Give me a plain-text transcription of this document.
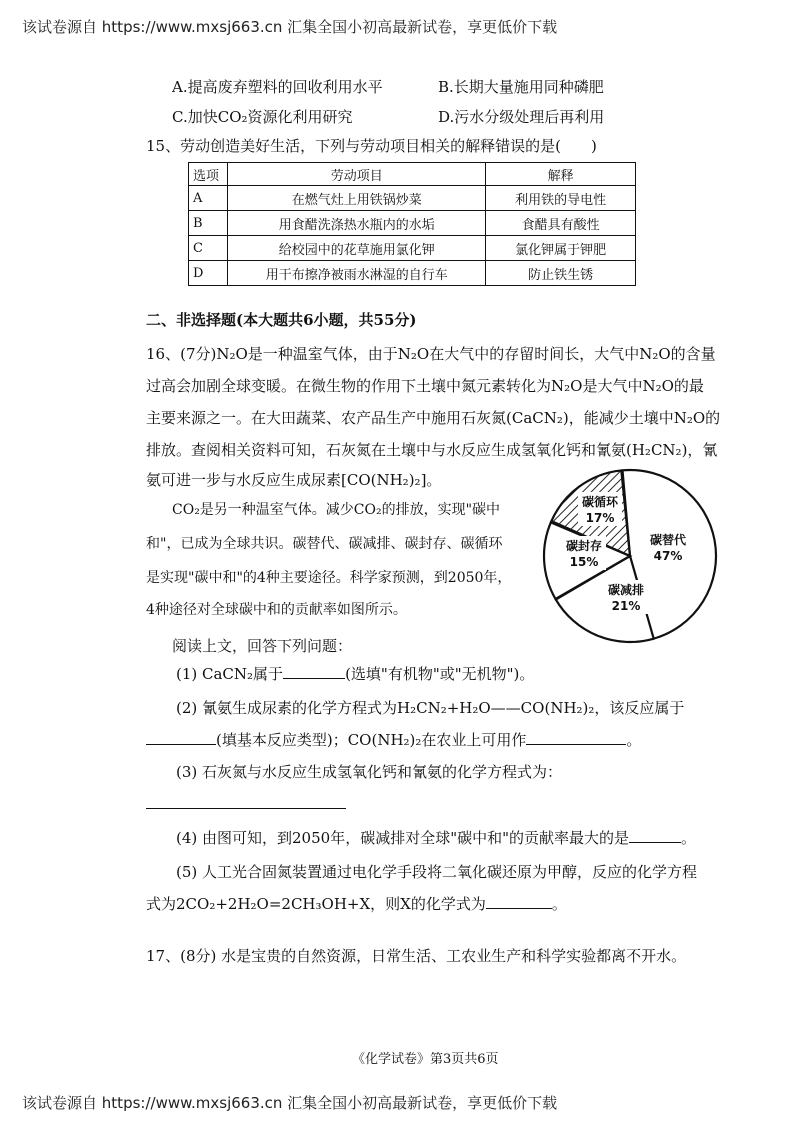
该试卷源自 https://www.mxsj663.cn 汇集全国小初高最新试卷，享更低价下载
A.提高废弃塑料的回收利用水平	B.长期大量施用同种磷肥
C.加快CO₂资源化利用研究	D.污水分级处理后再利用
15、劳动创造美好生活，下列与劳动项目相关的解释错误的是(　　)
选项	劳动项目	解释
A	在燃气灶上用铁锅炒菜	利用铁的导电性
B	用食醋洗涤热水瓶内的水垢	食醋具有酸性
C	给校园中的花草施用氯化钾	氯化钾属于钾肥
D	用干布擦净被雨水淋湿的自行车	防止铁生锈
二、非选择题(本大题共6小题，共55分)
16、(7分)N₂O是一种温室气体，由于N₂O在大气中的存留时间长，大气中N₂O的含量
过高会加剧全球变暖。在微生物的作用下土壤中氮元素转化为N₂O是大气中N₂O的最
主要来源之一。在大田蔬菜、农产品生产中施用石灰氮(CaCN₂)，能减少土壤中N₂O的
排放。查阅相关资料可知，石灰氮在土壤中与水反应生成氢氧化钙和氰氨(H₂CN₂)，氰
氨可进一步与水反应生成尿素[CO(NH₂)₂]。
CO₂是另一种温室气体。减少CO₂的排放，实现"碳中
和"，已成为全球共识。碳替代、碳减排、碳封存、碳循环
是实现"碳中和"的4种主要途径。科学家预测，到2050年，
4种途径对全球碳中和的贡献率如图所示。
碳替代
47%
碳减排
21%
碳封存
15%
碳循环
17%
阅读上文，回答下列问题：
(1) CaCN₂属于	(选填"有机物"或"无机物")。
(2) 氰氨生成尿素的化学方程式为H₂CN₂+H₂O——CO(NH₂)₂，该反应属于
(填基本反应类型)；CO(NH₂)₂在农业上可用作	。
(3) 石灰氮与水反应生成氢氧化钙和氰氨的化学方程式为：
(4) 由图可知，到2050年，碳减排对全球"碳中和"的贡献率最大的是	。
(5) 人工光合固氮装置通过电化学手段将二氧化碳还原为甲醇，反应的化学方程
式为2CO₂+2H₂O=2CH₃OH+X，则X的化学式为	。
17、(8分) 水是宝贵的自然资源，日常生活、工农业生产和科学实验都离不开水。
《化学试卷》第3页共6页
该试卷源自 https://www.mxsj663.cn 汇集全国小初高最新试卷，享更低价下载
